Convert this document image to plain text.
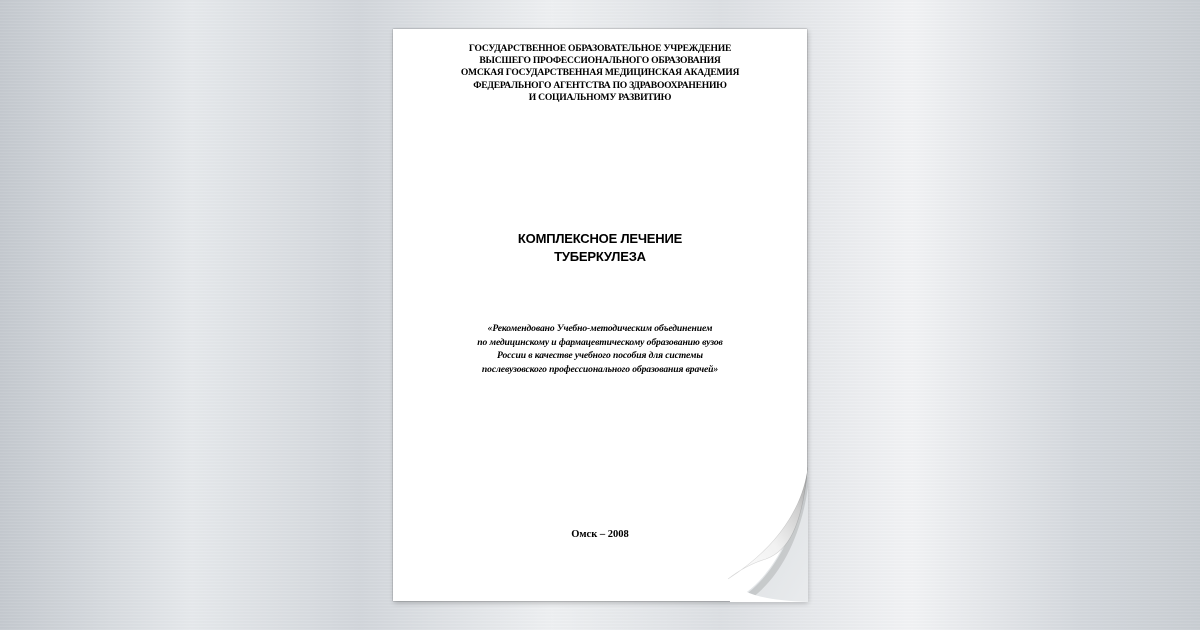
ГОСУДАРСТВЕННОЕ ОБРАЗОВАТЕЛЬНОЕ УЧРЕЖДЕНИЕ
ВЫСШЕГО ПРОФЕССИОНАЛЬНОГО ОБРАЗОВАНИЯ
ОМСКАЯ ГОСУДАРСТВЕННАЯ МЕДИЦИНСКАЯ АКАДЕМИЯ
ФЕДЕРАЛЬНОГО АГЕНТСТВА ПО ЗДРАВООХРАНЕНИЮ
И СОЦИАЛЬНОМУ РАЗВИТИЮ
КОМПЛЕКСНОЕ ЛЕЧЕНИЕ
ТУБЕРКУЛЕЗА
«Рекомендовано Учебно-методическим объединением
по медицинскому и фармацевтическому образованию вузов
России в качестве учебного пособия для системы
послевузовского профессионального образования врачей»
Омск – 2008
